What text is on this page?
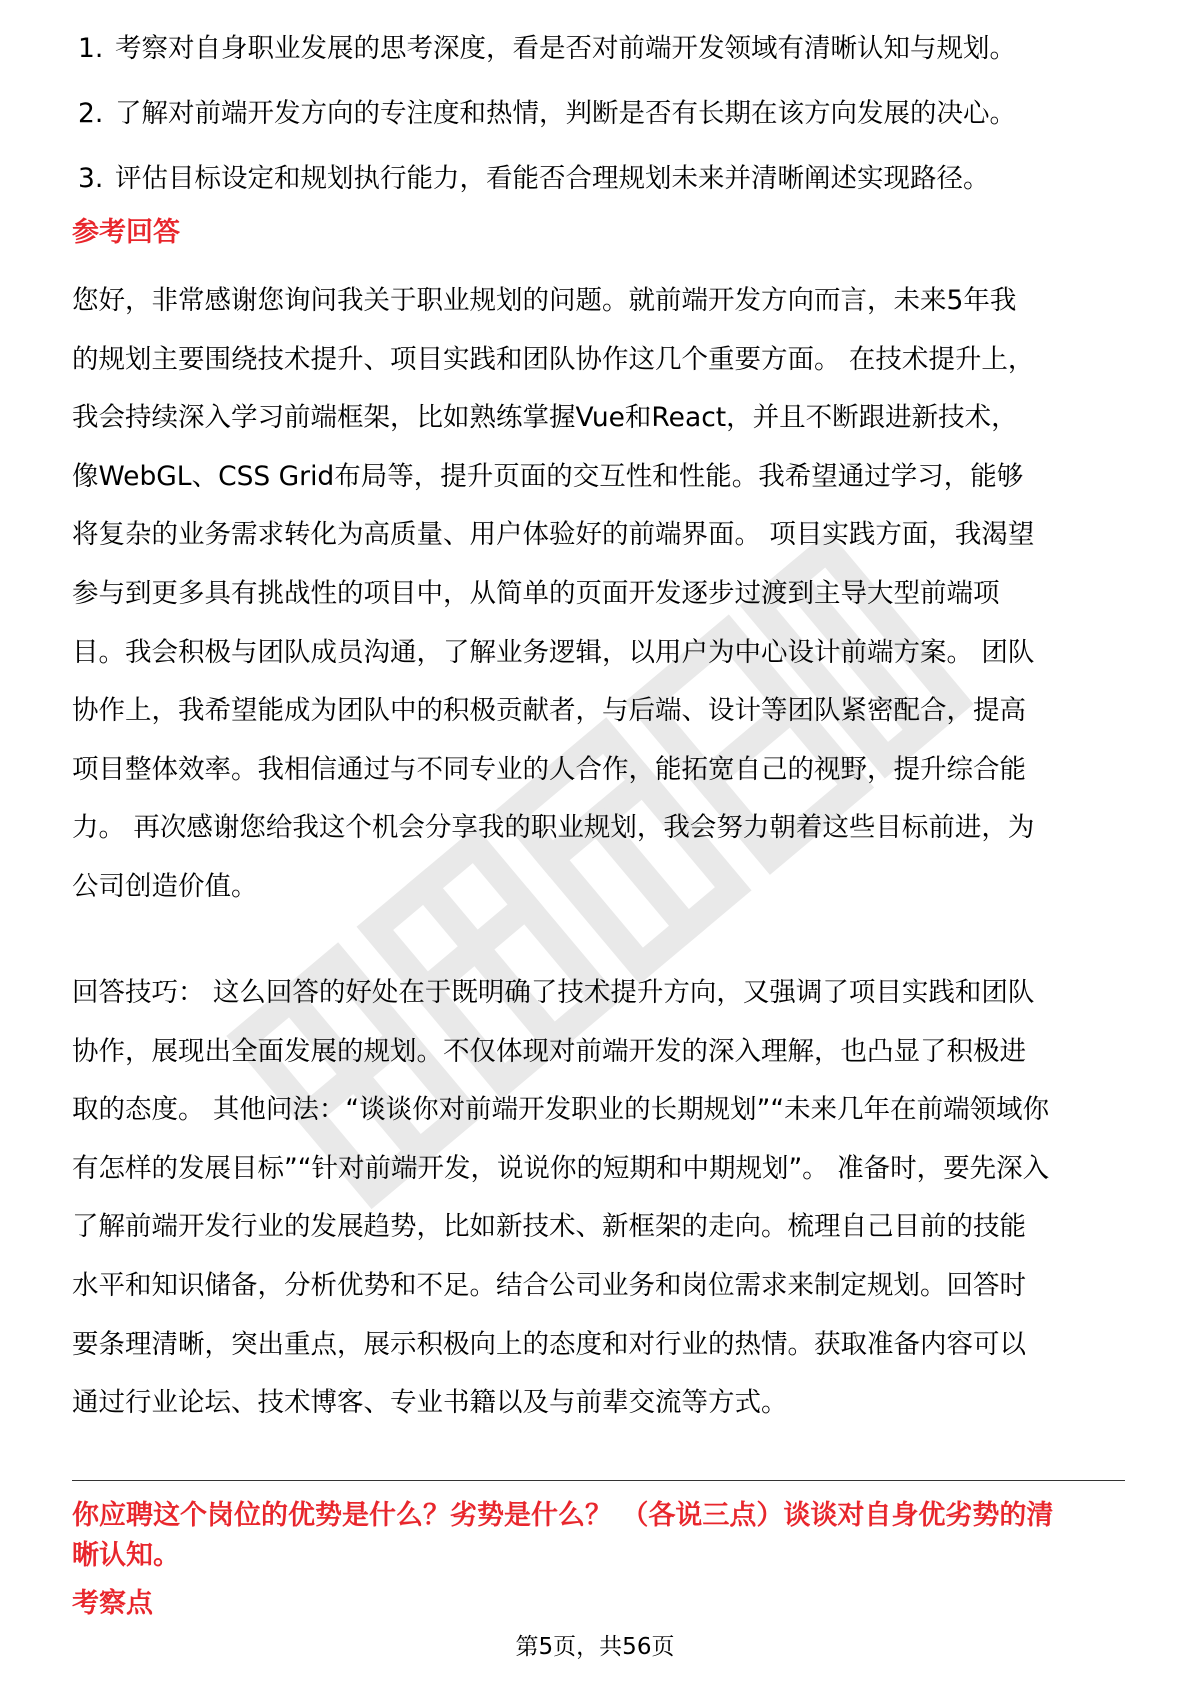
1. 考察对自身职业发展的思考深度，看是否对前端开发领域有清晰认知与规划。
2. 了解对前端开发方向的专注度和热情，判断是否有长期在该方向发展的决心。
3. 评估目标设定和规划执行能力，看能否合理规划未来并清晰阐述实现路径。
参考回答
您好，非常感谢您询问我关于职业规划的问题。就前端开发方向而言，未来5年我
的规划主要围绕技术提升、项目实践和团队协作这几个重要方面。 在技术提升上，
我会持续深入学习前端框架，比如熟练掌握Vue和React，并且不断跟进新技术，
像WebGL、CSS Grid布局等，提升页面的交互性和性能。我希望通过学习，能够
将复杂的业务需求转化为高质量、用户体验好的前端界面。 项目实践方面，我渴望
参与到更多具有挑战性的项目中，从简单的页面开发逐步过渡到主导大型前端项
目。我会积极与团队成员沟通，了解业务逻辑，以用户为中心设计前端方案。 团队
协作上，我希望能成为团队中的积极贡献者，与后端、设计等团队紧密配合，提高
项目整体效率。我相信通过与不同专业的人合作，能拓宽自己的视野，提升综合能
力。 再次感谢您给我这个机会分享我的职业规划，我会努力朝着这些目标前进，为
公司创造价值。
回答技巧： 这么回答的好处在于既明确了技术提升方向，又强调了项目实践和团队
协作，展现出全面发展的规划。不仅体现对前端开发的深入理解，也凸显了积极进
取的态度。 其他问法：“谈谈你对前端开发职业的长期规划”“未来几年在前端领域你
有怎样的发展目标”“针对前端开发，说说你的短期和中期规划”。 准备时，要先深入
了解前端开发行业的发展趋势，比如新技术、新框架的走向。梳理自己目前的技能
水平和知识储备，分析优势和不足。结合公司业务和岗位需求来制定规划。回答时
要条理清晰，突出重点，展示积极向上的态度和对行业的热情。获取准备内容可以
通过行业论坛、技术博客、专业书籍以及与前辈交流等方式。
你应聘这个岗位的优势是什么？劣势是什么？ （各说三点）谈谈对自身优劣势的清
晰认知。
考察点
第5页，共56页
